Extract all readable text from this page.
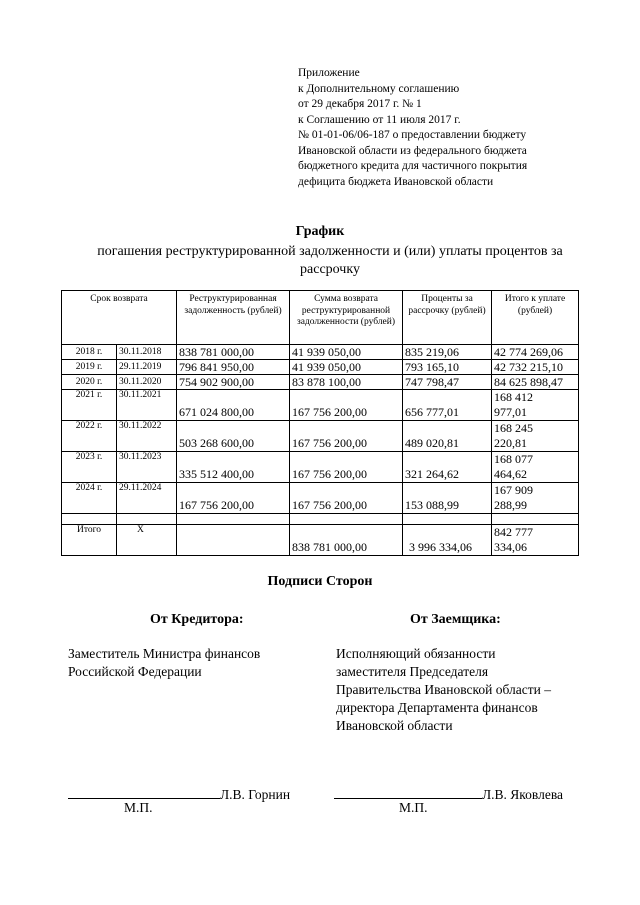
Приложение
к Дополнительному соглашению
от 29 декабря 2017 г. № 1
к Соглашению от 11 июля 2017 г.
№ 01-01-06/06-187 о предоставлении бюджету
Ивановской области из федерального бюджета
бюджетного кредита для частичного покрытия
дефицита бюджета Ивановской области
График
погашения реструктурированной задолженности и (или) уплаты процентов за рассрочку
Срок возврата		Реструктурированная задолженность (рублей)	Сумма возврата реструктурированной задолженности (рублей)	Проценты за рассрочку (рублей)	Итого к уплате (рублей)
2018 г.	30.11.2018	838 781 000,00	41 939 050,00	835 219,06	42 774 269,06
2019 г.	29.11.2019	796 841 950,00	41 939 050,00	793 165,10	42 732 215,10
2020 г.	30.11.2020	754 902 900,00	83 878 100,00	747 798,47	84 625 898,47
2021 г.	30.11.2021	671 024 800,00	167 756 200,00	656 777,01	168 412
977,01

2022 г.	30.11.2022	503 268 600,00	167 756 200,00	489 020,81	168 245
220,81

2023 г.	30.11.2023	335 512 400,00	167 756 200,00	321 264,62	168 077
464,62

2024 г.	29.11.2024	167 756 200,00	167 756 200,00	153 088,99	167 909
288,99

Итого	X		838 781 000,00	3 996 334,06	842 777
334,06
Подписи Сторон
От Кредитора:	От Заемщика:
Заместитель Министра финансов
Российской Федерации
Исполняющий обязанности
заместителя Председателя
Правительства Ивановской области –
директора Департамента финансов
Ивановской области
Л.В. Горнин	Л.В. Яковлева
М.П.	М.П.
